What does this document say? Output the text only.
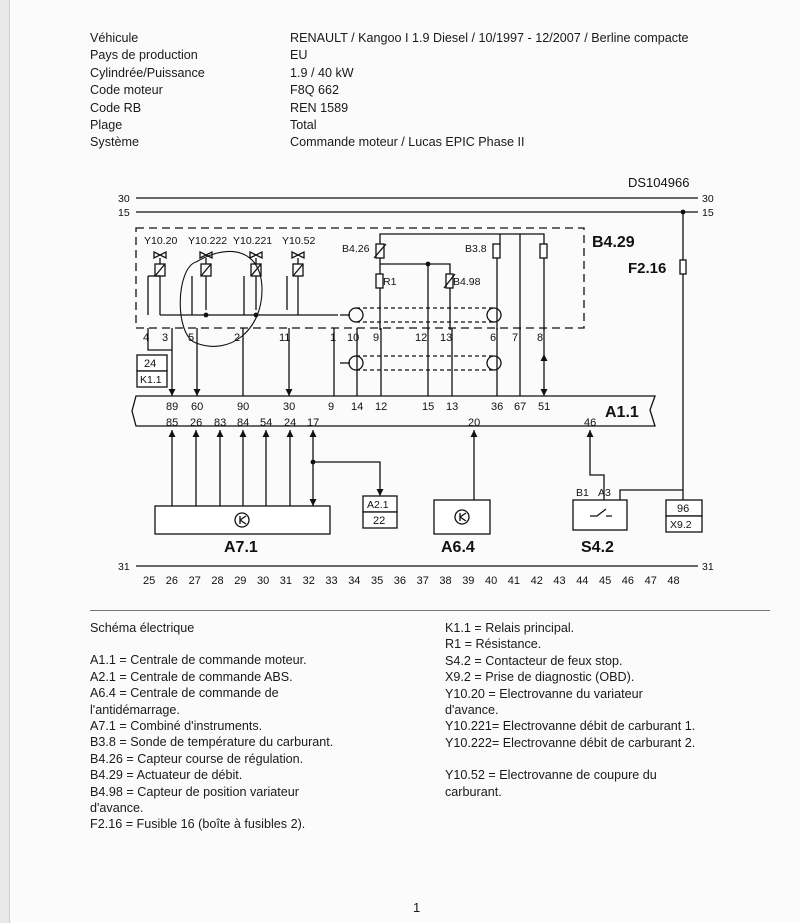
Véhicule	RENAULT / Kangoo I 1.9 Diesel / 10/1997 - 12/2007 / Berline compacte
Pays de production	EU
Cylindrée/Puissance	1.9 / 40 kW
Code moteur	F8Q 662
Code RB	REN 1589
Plage	Total
Système	Commande moteur / Lucas EPIC Phase II
DS104966
30	30
15	15
F2.16
B4.29
Y10.20 Y10.222 Y10.221 Y10.52
B4.26	B3.8
R1	B4.98
4 3 5	2	11	1 10 9	12 13	6 7 8
24
K1.1
A1.1
89 60	90	30	9 14 12	15 13	36 67 51
85 26 83 84 54 24 17	20	46
A7.1
A2.1
22
A6.4
B1 A3
S4.2
96
X9.2
31	31
25 26 27 28 29 30 31 32 33 34 35 36 37 38 39 40 41 42 43 44 45 46 47 48
Schéma électrique
A1.1 = Centrale de commande moteur.
A2.1 = Centrale de commande ABS.
A6.4 = Centrale de commande de
l'antidémarrage.
A7.1 = Combiné d'instruments.
B3.8 = Sonde de température du carburant.
B4.26 = Capteur course de régulation.
B4.29 = Actuateur de débit.
B4.98 = Capteur de position variateur
d'avance.
F2.16 = Fusible 16 (boîte à fusibles 2).
K1.1 = Relais principal.
R1 = Résistance.
S4.2 = Contacteur de feux stop.
X9.2 = Prise de diagnostic (OBD).
Y10.20 = Electrovanne du variateur
d'avance.
Y10.221= Electrovanne débit de carburant 1.
Y10.222= Electrovanne débit de carburant 2.
Y10.52 = Electrovanne de coupure du
carburant.
1
